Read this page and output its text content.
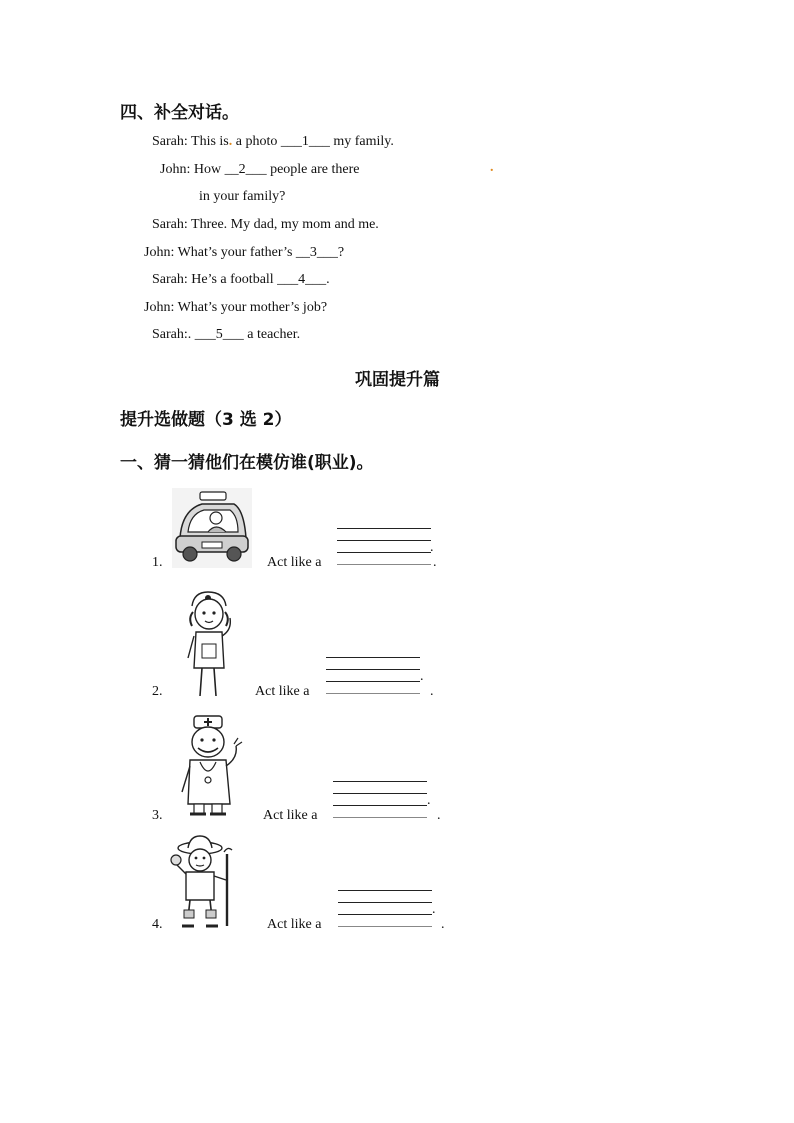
四、补全对话。
Sarah: This is. a photo ___1___ my family.
John: How __2___ people are there	.
in your family?
Sarah: Three. My dad, my mom and me.
John: What’s your father’s __3___?
Sarah: He’s a football ___4___.
John: What’s your mother’s job?
Sarah:. ___5___ a teacher.
巩固提升篇
提升选做题（3 选 2）
一、猜一猜他们在模仿谁(职业)。
1.	Act like a
.
.
2.	Act like a
.
.
3.	Act like a
.
.
4.	Act like a
.
.
